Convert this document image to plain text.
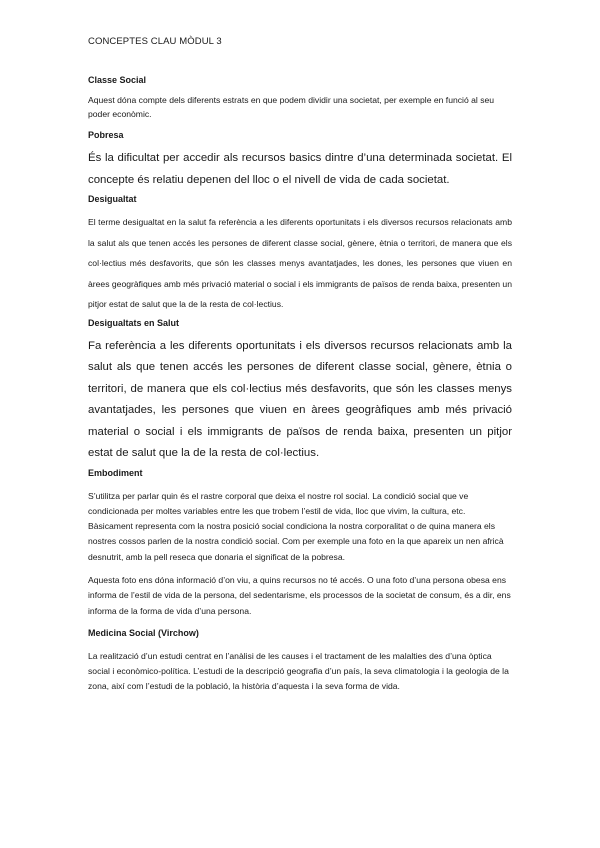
CONCEPTES CLAU MÒDUL 3
Classe Social

Aquest dóna compte dels diferents estrats en que podem dividir una societat, per exemple en funció al seu poder econòmic.

Pobresa

És la dificultat per accedir als recursos basics dintre d’una determinada societat. El concepte és relatiu depenen del lloc o el nivell de vida de cada societat.

Desigualtat

El terme desigualtat en la salut fa referència a les diferents oportunitats i els diversos recursos relacionats amb la salut als que tenen accés les persones de diferent classe social, gènere, ètnia o territori, de manera que els col·lectius més desfavorits, que són les classes menys avantatjades, les dones, les persones que viuen en àrees geogràfiques amb més privació material o social i els immigrants de països de renda baixa, presenten un pitjor estat de salut que la de la resta de col·lectius.

Desigualtats en Salut

Fa referència a les diferents oportunitats i els diversos recursos relacionats amb la salut als que tenen accés les persones de diferent classe social, gènere, ètnia o territori, de manera que els col·lectius més desfavorits, que són les classes menys avantatjades, les persones que viuen en àrees geogràfiques amb més privació material o social i els immigrants de països de renda baixa, presenten un pitjor estat de salut que la de la resta de col·lectius.

Embodiment

S’utilitza per parlar quin és el rastre corporal que deixa el nostre rol social. La condició social que ve condicionada per moltes variables entre les que trobem l’estil de vida, lloc que vivim, la cultura, etc. Bàsicament representa com la nostra posició social condiciona la nostra corporalitat o de quina manera els nostres cossos parlen de la nostra condició social. Com per exemple una foto en la que apareix un nen africà desnutrit, amb la pell reseca que donaria el significat de la pobresa.

Aquesta foto ens dóna informació d’on viu, a quins recursos no té accés. O una foto d’una persona obesa ens informa de l’estil de vida de la persona, del sedentarisme, els processos de la societat de consum, és a dir, ens informa de la forma de vida d’una persona.

Medicina Social (Virchow)

La realització d’un estudi centrat en l’anàlisi de les causes i el tractament de les malalties des d’una òptica social i econòmico-política. L’estudi de la descripció geografia d’un país, la seva climatologia i la geologia de la zona, així com l’estudi de la població, la història d’aquesta i la seva forma de vida.
